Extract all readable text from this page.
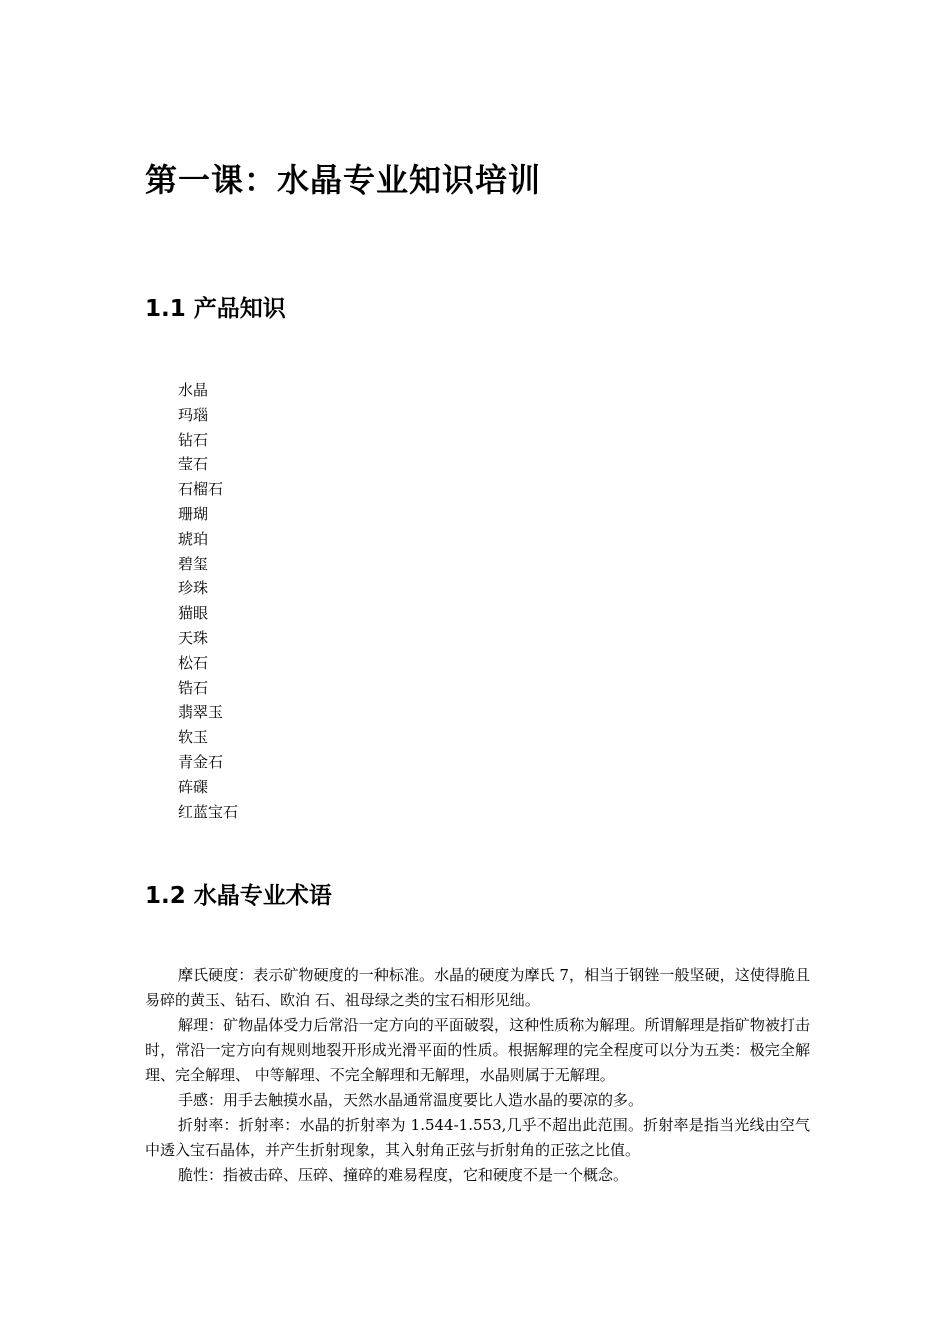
第一课：水晶专业知识培训
1.1 产品知识
水晶
玛瑙
钻石
莹石
石榴石
珊瑚
琥珀
碧玺
珍珠
猫眼
天珠
松石
锆石
翡翠玉
软玉
青金石
砗磲
红蓝宝石
1.2 水晶专业术语

摩氏硬度：表示矿物硬度的一种标准。水晶的硬度为摩氏 7，相当于钢锉一般坚硬，这使得脆且易碎的黄玉、钻石、欧泊 石、祖母绿之类的宝石相形见绌。

解理：矿物晶体受力后常沿一定方向的平面破裂，这种性质称为解理。所谓解理是指矿物被打击时，常沿一定方向有规则地裂开形成光滑平面的性质。根据解理的完全程度可以分为五类：极完全解理、完全解理、 中等解理、不完全解理和无解理，水晶则属于无解理。

手感：用手去触摸水晶，天然水晶通常温度要比人造水晶的要凉的多。

折射率：折射率：水晶的折射率为 1.544-1.553,几乎不超出此范围。折射率是指当光线由空气中透入宝石晶体，并产生折射现象，其入射角正弦与折射角的正弦之比值。

脆性：指被击碎、压碎、撞碎的难易程度，它和硬度不是一个概念。
